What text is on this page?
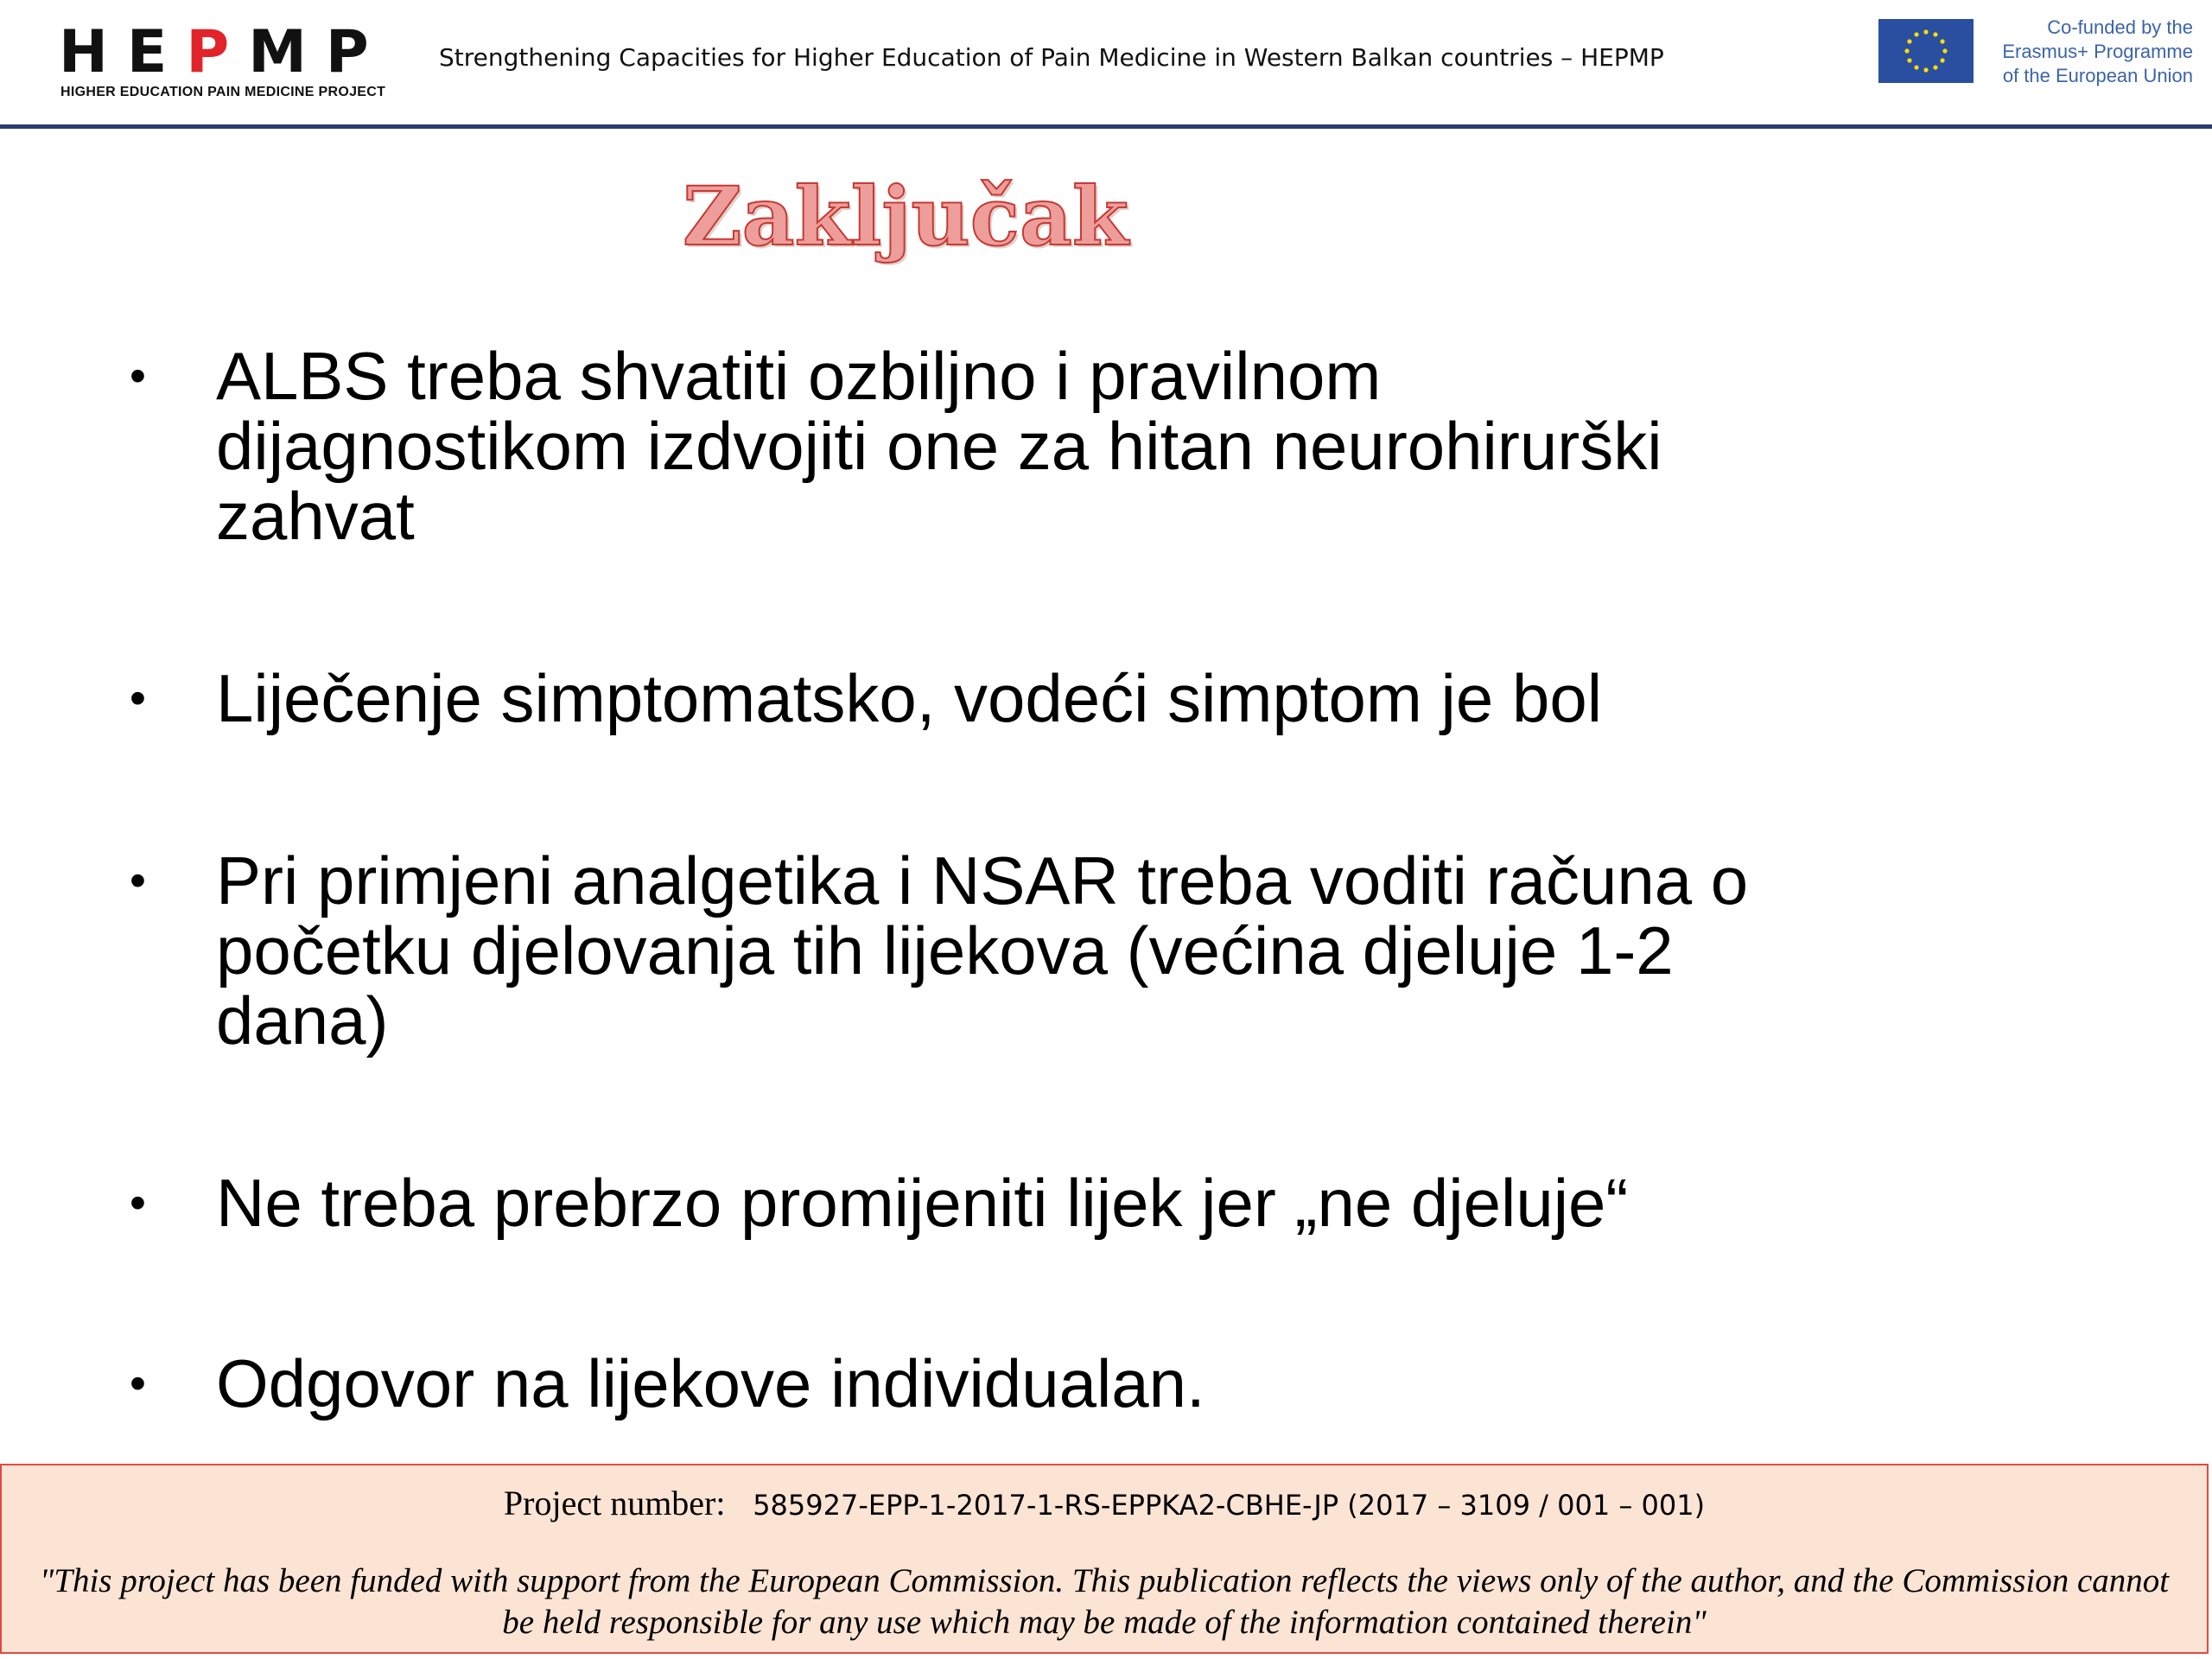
HEPMP
HIGHER EDUCATION PAIN MEDICINE PROJECT
Strengthening Capacities for Higher Education of Pain Medicine in Western Balkan countries – HEPMP
Co-funded by the
Erasmus+ Programme
of the European Union
Zaključak
• ALBS treba shvatiti ozbiljno i pravilnom
dijagnostikom izdvojiti one za hitan neurohirurški
zahvat
• Liječenje simptomatsko, vodeći simptom je bol
• Pri primjeni analgetika i NSAR treba voditi računa o
početku djelovanja tih lijekova (većina djeluje 1-2
dana)
• Ne treba prebrzo promijeniti lijek jer „ne djeluje“
• Odgovor na lijekove individualan.
Project number: 585927-EPP-1-2017-1-RS-EPPKA2-CBHE-JP (2017 – 3109 / 001 – 001)
"This project has been funded with support from the European Commission. This publication reflects the views only of the author, and the Commission cannot be held responsible for any use which may be made of the information contained therein"
